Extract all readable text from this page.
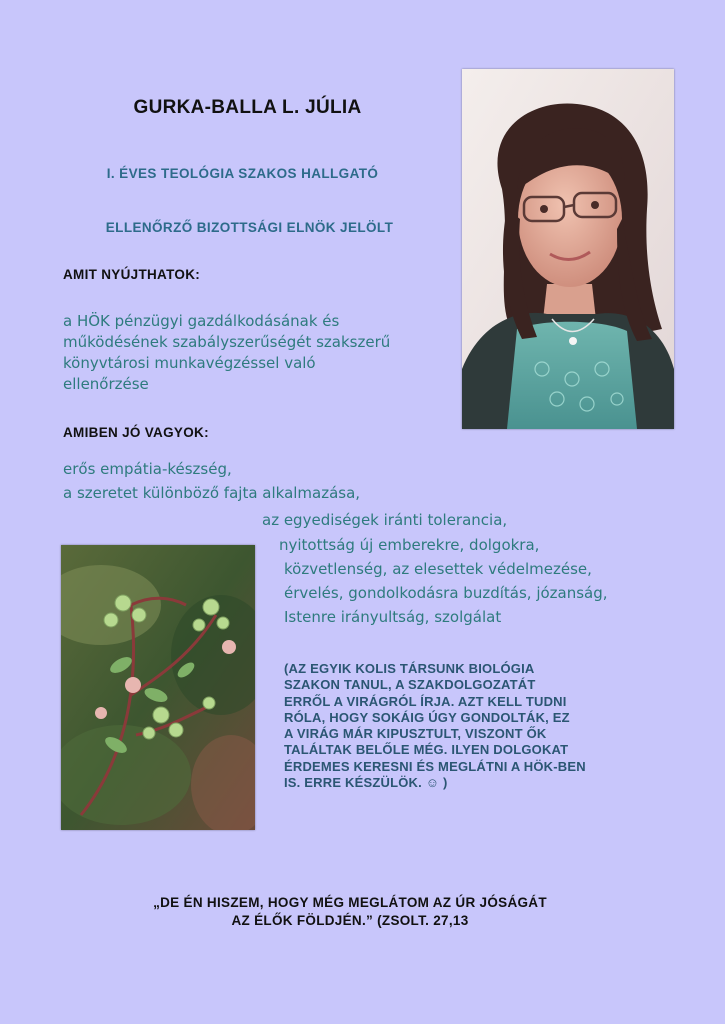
GURKA-BALLA L. JÚLIA
I. ÉVES TEOLÓGIA SZAKOS HALLGATÓ
ELLENŐRZŐ BIZOTTSÁGI ELNÖK JELÖLT
AMIT NYÚJTHATOK:
a HÖK pénzügyi gazdálkodásának és
működésének szabályszerűségét szakszerű
könyvtárosi munkavégzéssel való
ellenőrzése
AMIBEN JÓ VAGYOK:
erős empátia-készség,
a szeretet különböző fajta alkalmazása,
az egyediségek iránti tolerancia,
nyitottság új emberekre, dolgokra,
közvetlenség, az elesettek védelmezése,
érvelés, gondolkodásra buzdítás, józanság,
Istenre irányultság, szolgálat
(AZ EGYIK KOLIS TÁRSUNK BIOLÓGIA
SZAKON TANUL, A SZAKDOLGOZATÁT
ERRŐL A VIRÁGRÓL ÍRJA. AZT KELL TUDNI
RÓLA, HOGY SOKÁIG ÚGY GONDOLTÁK, EZ
A VIRÁG MÁR KIPUSZTULT, VISZONT ŐK
TALÁLTAK BELŐLE MÉG. ILYEN DOLGOKAT
ÉRDEMES KERESNI ÉS MEGLÁTNI A HÖK-BEN
IS. ERRE KÉSZÜLÖK. ☺ )
„DE ÉN HISZEM, HOGY MÉG MEGLÁTOM AZ ÚR JÓSÁGÁT
AZ ÉLŐK FÖLDJÉN.” (ZSOLT. 27,13
